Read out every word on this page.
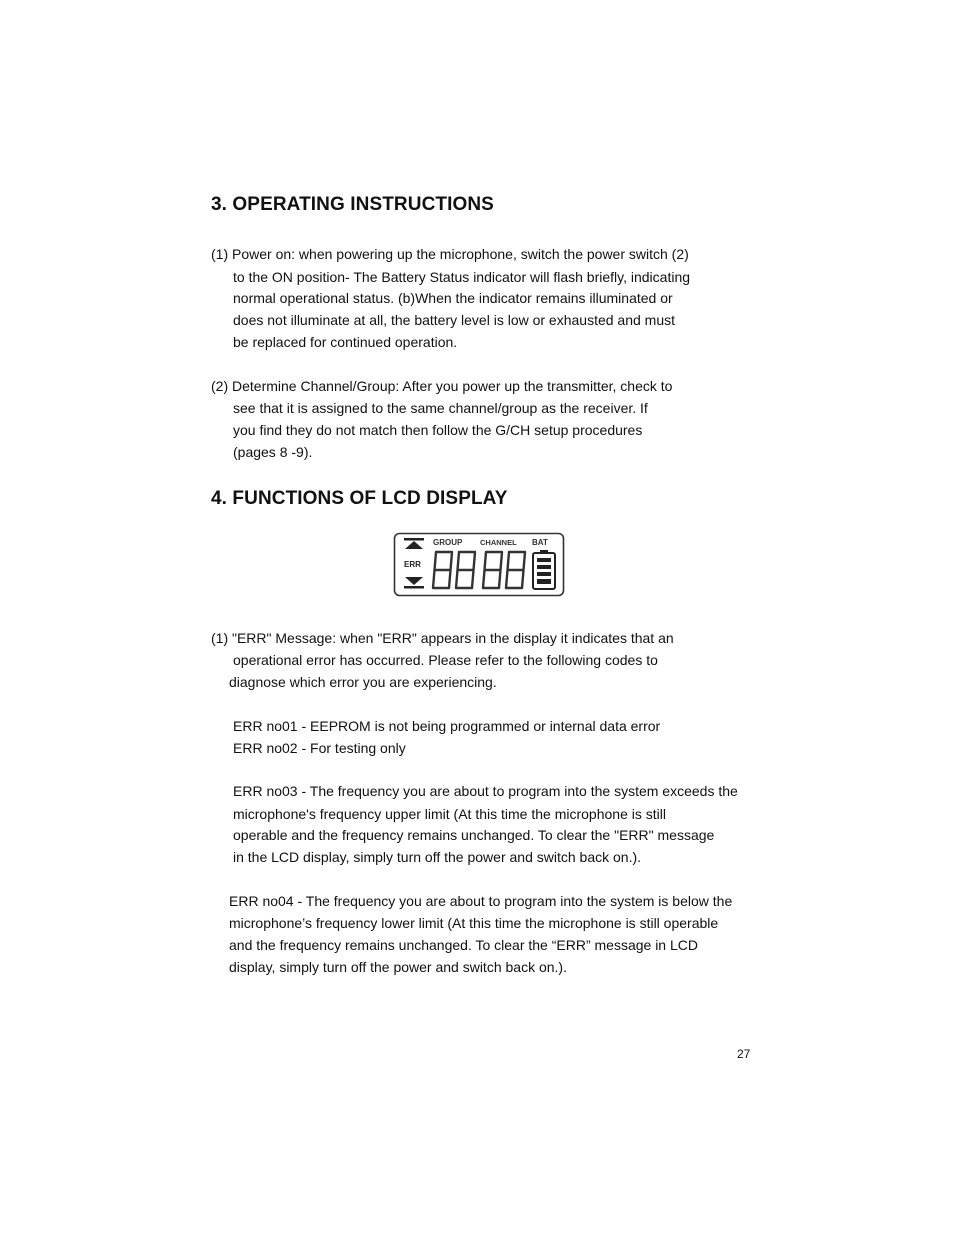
3. OPERATING INSTRUCTIONS

(1) Power on: when powering up the microphone, switch the power switch (2)

to the ON position- The Battery Status indicator will flash briefly, indicating

normal operational status. (b)When the indicator remains illuminated or

does not illuminate at all, the battery level is low or exhausted and must

be replaced for continued operation.

(2) Determine Channel/Group: After you power up the transmitter, check to

see that it is assigned to the same channel/group as the receiver. If

you find they do not match then follow the G/CH setup procedures

(pages 8 -9).

4. FUNCTIONS OF LCD DISPLAY
ERR
GROUP CHANNEL BAT

(1) "ERR" Message: when "ERR" appears in the display it indicates that an

operational error has occurred. Please refer to the following codes to

diagnose which error you are experiencing.

ERR no01 - EEPROM is not being programmed or internal data error

ERR no02 - For testing only

ERR no03 - The frequency you are about to program into the system exceeds the

microphone's frequency upper limit (At this time the microphone is still

operable and the frequency remains unchanged. To clear the "ERR" message

in the LCD display, simply turn off the power and switch back on.).

ERR no04 - The frequency you are about to program into the system is below the

microphone’s frequency lower limit (At this time the microphone is still operable

and the frequency remains unchanged. To clear the “ERR” message in LCD

display, simply turn off the power and switch back on.).

27
